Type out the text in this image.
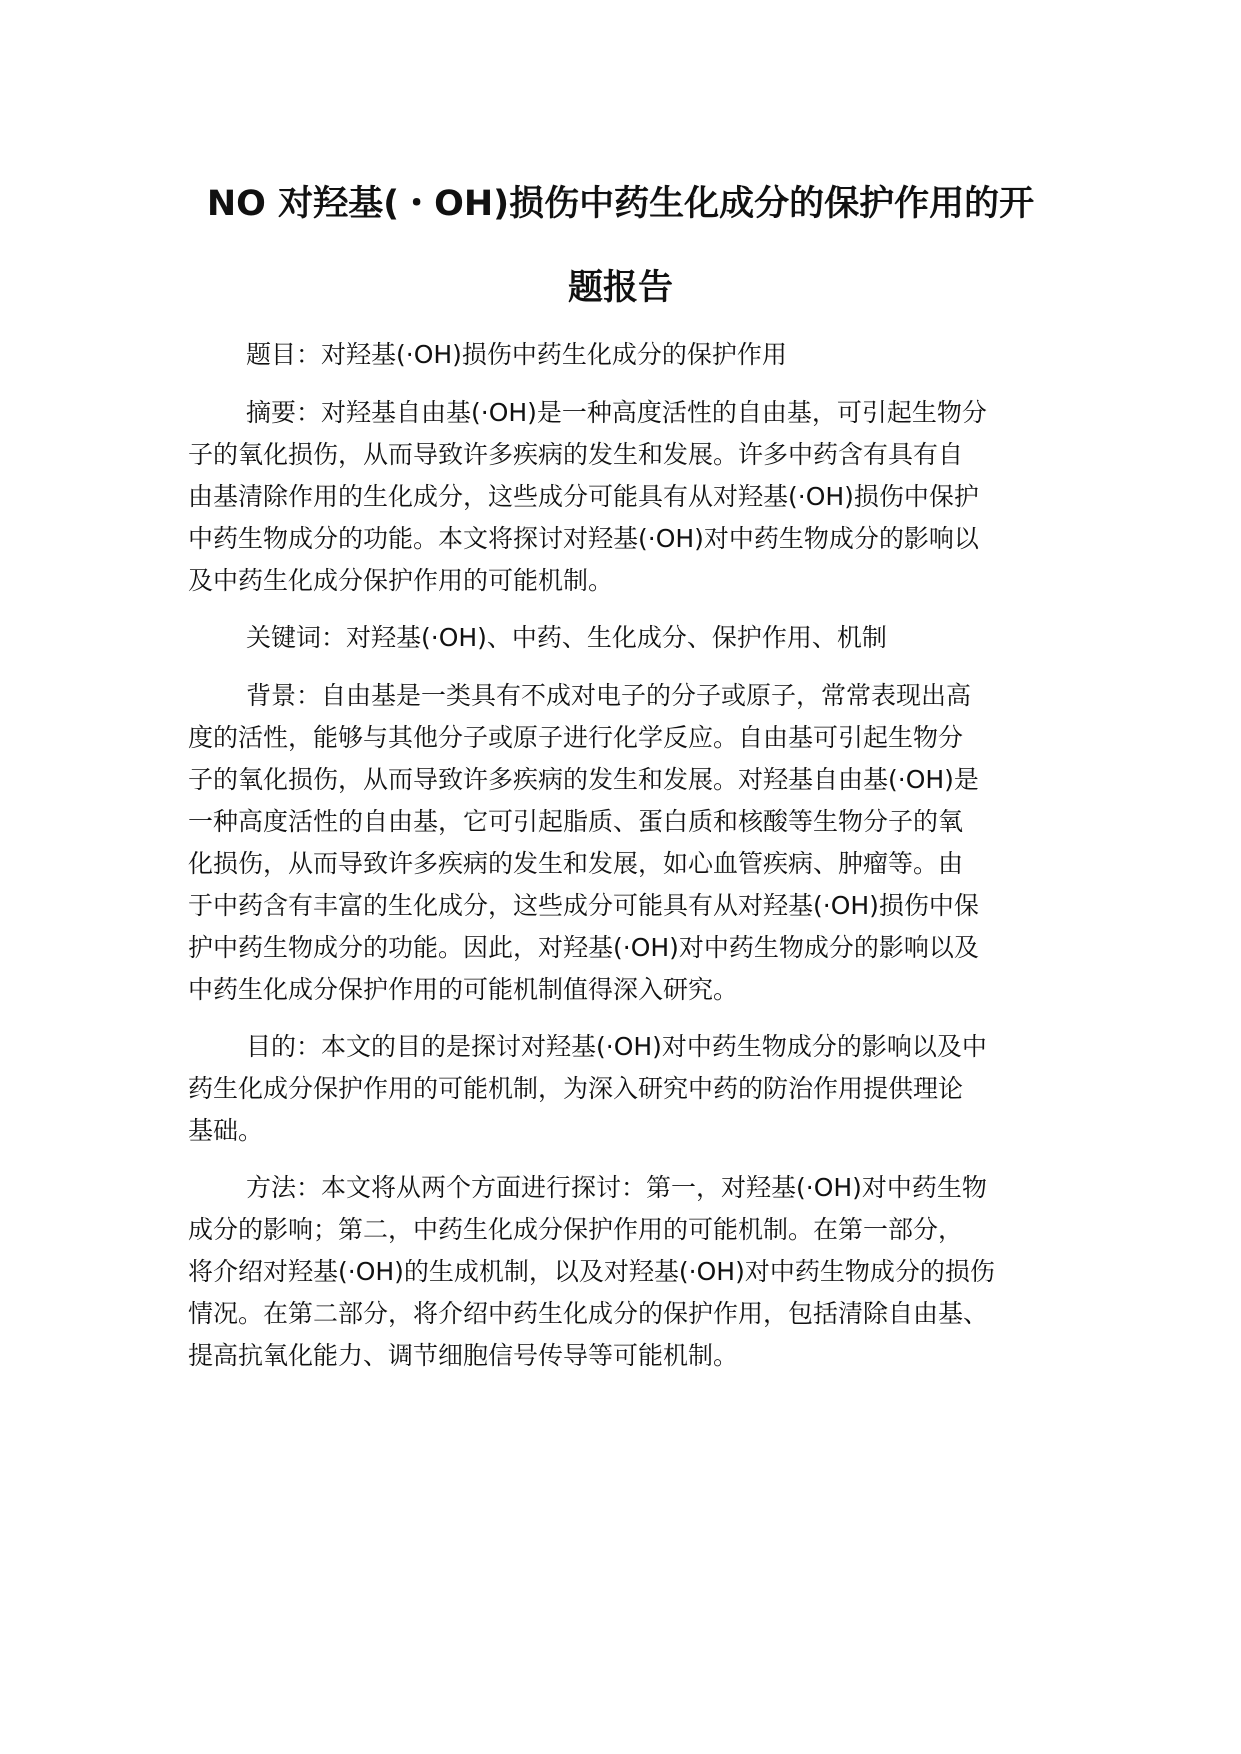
NO 对羟基(・OH)损伤中药生化成分的保护作用的开
题报告

题目：对羟基(·OH)损伤中药生化成分的保护作用

摘要：对羟基自由基(·OH)是一种高度活性的自由基，可引起生物分

子的氧化损伤，从而导致许多疾病的发生和发展。许多中药含有具有自

由基清除作用的生化成分，这些成分可能具有从对羟基(·OH)损伤中保护

中药生物成分的功能。本文将探讨对羟基(·OH)对中药生物成分的影响以

及中药生化成分保护作用的可能机制。

关键词：对羟基(·OH)、中药、生化成分、保护作用、机制

背景：自由基是一类具有不成对电子的分子或原子，常常表现出高

度的活性，能够与其他分子或原子进行化学反应。自由基可引起生物分

子的氧化损伤，从而导致许多疾病的发生和发展。对羟基自由基(·OH)是

一种高度活性的自由基，它可引起脂质、蛋白质和核酸等生物分子的氧

化损伤，从而导致许多疾病的发生和发展，如心血管疾病、肿瘤等。由

于中药含有丰富的生化成分，这些成分可能具有从对羟基(·OH)损伤中保

护中药生物成分的功能。因此，对羟基(·OH)对中药生物成分的影响以及

中药生化成分保护作用的可能机制值得深入研究。

目的：本文的目的是探讨对羟基(·OH)对中药生物成分的影响以及中

药生化成分保护作用的可能机制，为深入研究中药的防治作用提供理论

基础。

方法：本文将从两个方面进行探讨：第一，对羟基(·OH)对中药生物

成分的影响；第二，中药生化成分保护作用的可能机制。在第一部分，

将介绍对羟基(·OH)的生成机制，以及对羟基(·OH)对中药生物成分的损伤

情况。在第二部分，将介绍中药生化成分的保护作用，包括清除自由基、

提高抗氧化能力、调节细胞信号传导等可能机制。
